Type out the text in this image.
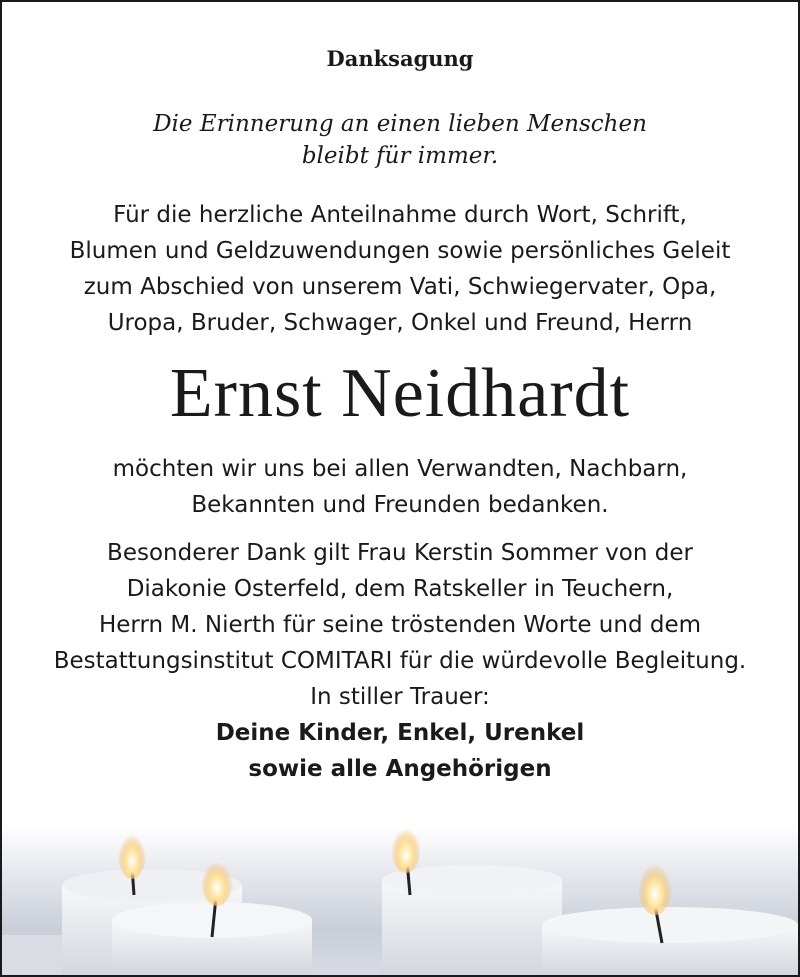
Danksagung
Die Erinnerung an einen lieben Menschen
bleibt für immer.
Für die herzliche Anteilnahme durch Wort, Schrift,
Blumen und Geldzuwendungen sowie persönliches Geleit
zum Abschied von unserem Vati, Schwiegervater, Opa,
Uropa, Bruder, Schwager, Onkel und Freund, Herrn
Ernst Neidhardt
möchten wir uns bei allen Verwandten, Nachbarn,
Bekannten und Freunden bedanken.
Besonderer Dank gilt Frau Kerstin Sommer von der
Diakonie Osterfeld, dem Ratskeller in Teuchern,
Herrn M. Nierth für seine tröstenden Worte und dem
Bestattungsinstitut COMITARI für die würdevolle Begleitung.
In stiller Trauer:
Deine Kinder, Enkel, Urenkel
sowie alle Angehörigen
